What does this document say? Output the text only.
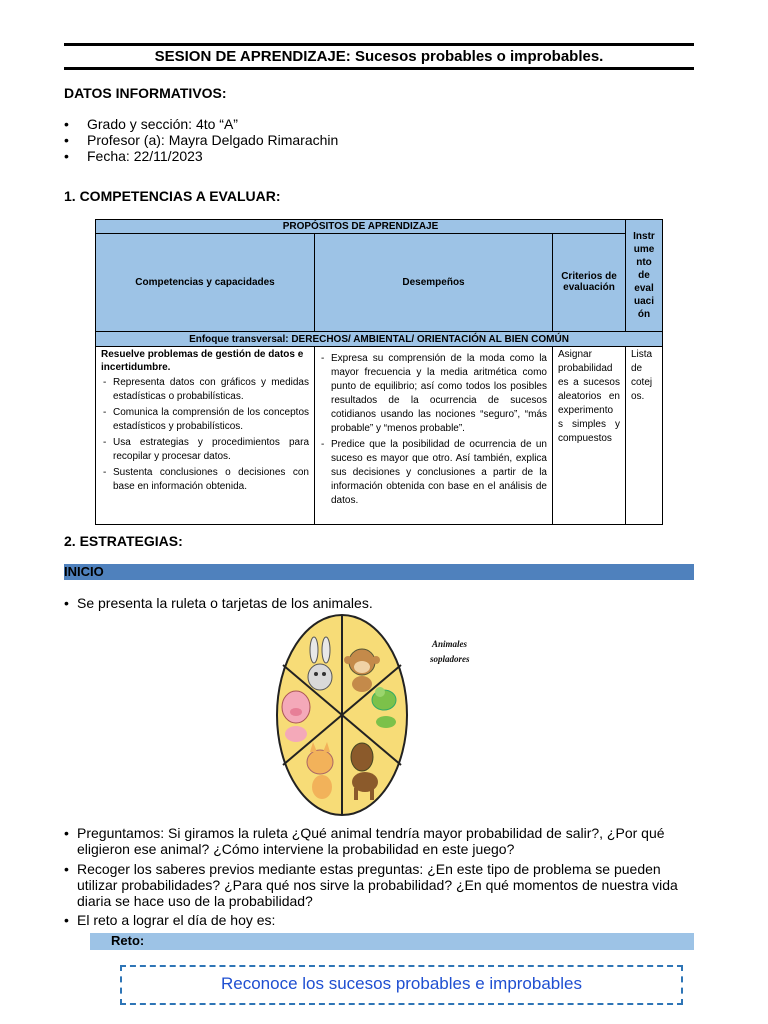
SESION DE APRENDIZAJE: Sucesos probables o improbables.
DATOS INFORMATIVOS:
• Grado y sección: 4to “A”
• Profesor (a): Mayra Delgado Rimarachin
• Fecha: 22/11/2023
1. COMPETENCIAS A EVALUAR:
PROPÓSITOS DE APRENDIZAJE
Competencias y capacidades	Desempeños	Criterios de evaluación
Instr
ume
nto
de
eval
uaci
ón
Enfoque transversal: DERECHOS/ AMBIENTAL/ ORIENTACIÓN AL BIEN COMÚN
Resuelve problemas de gestión de datos e incertidumbre.
- Representa datos con gráficos y medidas estadísticas o probabilísticas.
- Comunica la comprensión de los conceptos estadísticos y probabilísticos.
- Usa estrategias y procedimientos para recopilar y procesar datos.
- Sustenta conclusiones o decisiones con base en información obtenida.
- Expresa su comprensión de la moda como la mayor frecuencia y la media aritmética como punto de equilibrio; así como todos los posibles resultados de la ocurrencia de sucesos cotidianos usando las nociones “seguro”, “más probable” y “menos probable”.
- Predice que la posibilidad de ocurrencia de un suceso es mayor que otro. Así también, explica sus decisiones y conclusiones a partir de la información obtenida con base en el análisis de datos.
Asignar probabilidad es a sucesos aleatorios en experimento s simples y compuestos
Lista
de
cotej
os.
2. ESTRATEGIAS:
INICIO
• Se presenta la ruleta o tarjetas de los animales.
Animales
sopladores
• Preguntamos: Si giramos la ruleta ¿Qué animal tendría mayor probabilidad de salir?, ¿Por qué eligieron ese animal? ¿Cómo interviene la probabilidad en este juego?
• Recoger los saberes previos mediante estas preguntas: ¿En este tipo de problema se pueden utilizar probabilidades? ¿Para qué nos sirve la probabilidad? ¿En qué momentos de nuestra vida diaria se hace uso de la probabilidad?
• El reto a lograr el día de hoy es:
Reto:
Reconoce los sucesos probables e improbables
